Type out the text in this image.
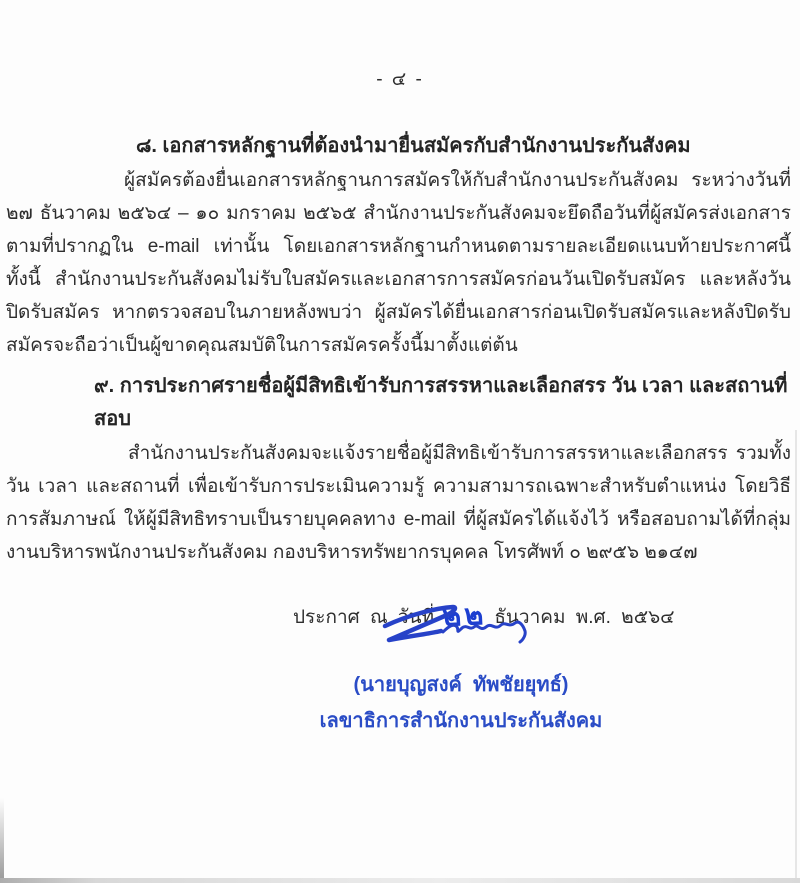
- ๔ -
๘. เอกสารหลักฐานที่ต้องนำมายื่นสมัครกับสำนักงานประกันสังคม

ผู้สมัครต้องยื่นเอกสารหลักฐานการสมัครให้กับสำนักงานประกันสังคม ระหว่างวันที่ ๒๗ ธันวาคม ๒๕๖๔ – ๑๐ มกราคม ๒๕๖๕ สำนักงานประกันสังคมจะยึดถือวันที่ผู้สมัครส่งเอกสารตามที่ปรากฏใน e-mail เท่านั้น โดยเอกสารหลักฐานกำหนดตามรายละเอียดแนบท้ายประกาศนี้ ทั้งนี้ สำนักงานประกันสังคมไม่รับใบสมัครและเอกสารการสมัครก่อนวันเปิดรับสมัคร และหลังวันปิดรับสมัคร หากตรวจสอบในภายหลังพบว่า ผู้สมัครได้ยื่นเอกสารก่อนเปิดรับสมัครและหลังปิดรับสมัครจะถือว่าเป็นผู้ขาดคุณสมบัติในการสมัครครั้งนี้มาตั้งแต่ต้น

๙. การประกาศรายชื่อผู้มีสิทธิเข้ารับการสรรหาและเลือกสรร วัน เวลา และสถานที่สอบ

สำนักงานประกันสังคมจะแจ้งรายชื่อผู้มีสิทธิเข้ารับการสรรหาและเลือกสรร รวมทั้ง วัน เวลา และสถานที่ เพื่อเข้ารับการประเมินความรู้ ความสามารถเฉพาะสำหรับตำแหน่ง โดยวิธีการสัมภาษณ์ ให้ผู้มีสิทธิทราบเป็นรายบุคคลทาง e-mail ที่ผู้สมัครได้แจ้งไว้ หรือสอบถามได้ที่กลุ่มงานบริหารพนักงานประกันสังคม กองบริหารทรัพยากรบุคคล โทรศัพท์ ๐ ๒๙๕๖ ๒๑๔๗

ประกาศ ณ วันที่ ๒๒ ธันวาคม พ.ศ. ๒๕๖๔
(นายบุญสงค์  ทัพชัยยุทธ์)
เลขาธิการสำนักงานประกันสังคม
